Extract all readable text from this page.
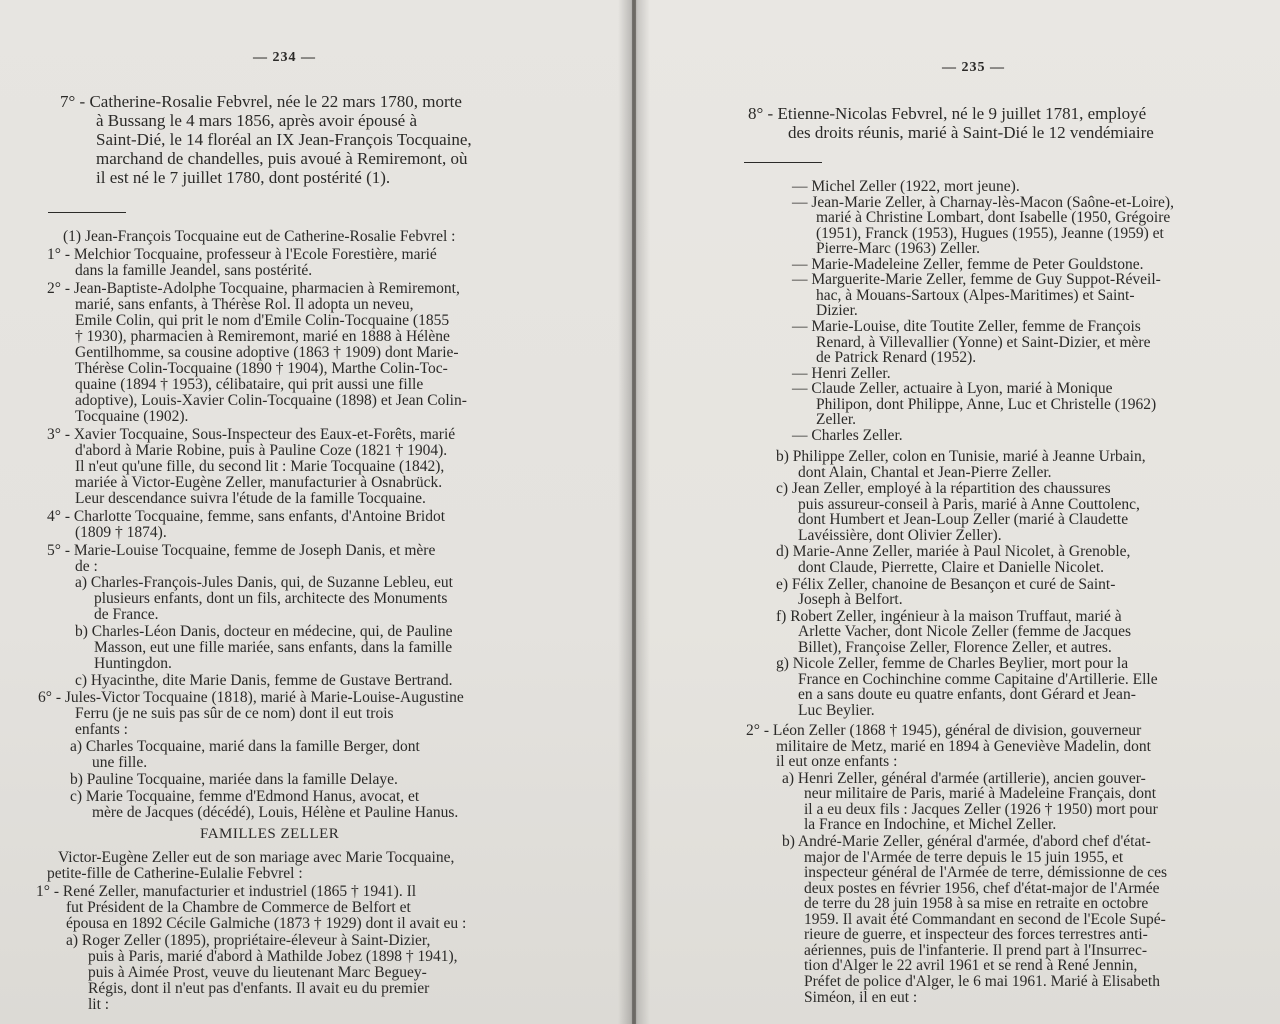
— 234 —
7° - Catherine-Rosalie Febvrel, née le 22 mars 1780, morte
à Bussang le 4 mars 1856, après avoir épousé à
Saint-Dié, le 14 floréal an IX Jean-François Tocquaine,
marchand de chandelles, puis avoué à Remiremont, où
il est né le 7 juillet 1780, dont postérité (1).
(1) Jean-François Tocquaine eut de Catherine-Rosalie Febvrel :
1° - Melchior Tocquaine, professeur à l'Ecole Forestière, marié
dans la famille Jeandel, sans postérité.
2° - Jean-Baptiste-Adolphe Tocquaine, pharmacien à Remiremont,
marié, sans enfants, à Thérèse Rol. Il adopta un neveu,
Emile Colin, qui prit le nom d'Emile Colin-Tocquaine (1855
† 1930), pharmacien à Remiremont, marié en 1888 à Hélène
Gentilhomme, sa cousine adoptive (1863 † 1909) dont Marie-
Thérèse Colin-Tocquaine (1890 † 1904), Marthe Colin-Toc-
quaine (1894 † 1953), célibataire, qui prit aussi une fille
adoptive), Louis-Xavier Colin-Tocquaine (1898) et Jean Colin-
Tocquaine (1902).
3° - Xavier Tocquaine, Sous-Inspecteur des Eaux-et-Forêts, marié
d'abord à Marie Robine, puis à Pauline Coze (1821 † 1904).
Il n'eut qu'une fille, du second lit : Marie Tocquaine (1842),
mariée à Victor-Eugène Zeller, manufacturier à Osnabrück.
Leur descendance suivra l'étude de la famille Tocquaine.
4° - Charlotte Tocquaine, femme, sans enfants, d'Antoine Bridot
(1809 † 1874).
5° - Marie-Louise Tocquaine, femme de Joseph Danis, et mère
de :
a) Charles-François-Jules Danis, qui, de Suzanne Lebleu, eut
plusieurs enfants, dont un fils, architecte des Monuments
de France.
b) Charles-Léon Danis, docteur en médecine, qui, de Pauline
Masson, eut une fille mariée, sans enfants, dans la famille
Huntingdon.
c) Hyacinthe, dite Marie Danis, femme de Gustave Bertrand.
6° - Jules-Victor Tocquaine (1818), marié à Marie-Louise-Augustine
Ferru (je ne suis pas sûr de ce nom) dont il eut trois
enfants :
a) Charles Tocquaine, marié dans la famille Berger, dont
une fille.
b) Pauline Tocquaine, mariée dans la famille Delaye.
c) Marie Tocquaine, femme d'Edmond Hanus, avocat, et
mère de Jacques (décédé), Louis, Hélène et Pauline Hanus.
FAMILLES ZELLER
Victor-Eugène Zeller eut de son mariage avec Marie Tocquaine,
petite-fille de Catherine-Eulalie Febvrel :
1° - René Zeller, manufacturier et industriel (1865 † 1941). Il
fut Président de la Chambre de Commerce de Belfort et
épousa en 1892 Cécile Galmiche (1873 † 1929) dont il avait eu :
a) Roger Zeller (1895), propriétaire-éleveur à Saint-Dizier,
puis à Paris, marié d'abord à Mathilde Jobez (1898 † 1941),
puis à Aimée Prost, veuve du lieutenant Marc Beguey-
Régis, dont il n'eut pas d'enfants. Il avait eu du premier
lit :
— 235 —
8° - Etienne-Nicolas Febvrel, né le 9 juillet 1781, employé
des droits réunis, marié à Saint-Dié le 12 vendémiaire
— Michel Zeller (1922, mort jeune).
— Jean-Marie Zeller, à Charnay-lès-Macon (Saône-et-Loire),
marié à Christine Lombart, dont Isabelle (1950, Grégoire
(1951), Franck (1953), Hugues (1955), Jeanne (1959) et
Pierre-Marc (1963) Zeller.
— Marie-Madeleine Zeller, femme de Peter Gouldstone.
— Marguerite-Marie Zeller, femme de Guy Suppot-Réveil-
hac, à Mouans-Sartoux (Alpes-Maritimes) et Saint-
Dizier.
— Marie-Louise, dite Toutite Zeller, femme de François
Renard, à Villevallier (Yonne) et Saint-Dizier, et mère
de Patrick Renard (1952).
— Henri Zeller.
— Claude Zeller, actuaire à Lyon, marié à Monique
Philipon, dont Philippe, Anne, Luc et Christelle (1962)
Zeller.
— Charles Zeller.
b) Philippe Zeller, colon en Tunisie, marié à Jeanne Urbain,
dont Alain, Chantal et Jean-Pierre Zeller.
c) Jean Zeller, employé à la répartition des chaussures
puis assureur-conseil à Paris, marié à Anne Couttolenc,
dont Humbert et Jean-Loup Zeller (marié à Claudette
Lavéissière, dont Olivier Zeller).
d) Marie-Anne Zeller, mariée à Paul Nicolet, à Grenoble,
dont Claude, Pierrette, Claire et Danielle Nicolet.
e) Félix Zeller, chanoine de Besançon et curé de Saint-
Joseph à Belfort.
f) Robert Zeller, ingénieur à la maison Truffaut, marié à
Arlette Vacher, dont Nicole Zeller (femme de Jacques
Billet), Françoise Zeller, Florence Zeller, et autres.
g) Nicole Zeller, femme de Charles Beylier, mort pour la
France en Cochinchine comme Capitaine d'Artillerie. Elle
en a sans doute eu quatre enfants, dont Gérard et Jean-
Luc Beylier.
2° - Léon Zeller (1868 † 1945), général de division, gouverneur
militaire de Metz, marié en 1894 à Geneviève Madelin, dont
il eut onze enfants :
a) Henri Zeller, général d'armée (artillerie), ancien gouver-
neur militaire de Paris, marié à Madeleine Français, dont
il a eu deux fils : Jacques Zeller (1926 † 1950) mort pour
la France en Indochine, et Michel Zeller.
b) André-Marie Zeller, général d'armée, d'abord chef d'état-
major de l'Armée de terre depuis le 15 juin 1955, et
inspecteur général de l'Armée de terre, démissionne de ces
deux postes en février 1956, chef d'état-major de l'Armée
de terre du 28 juin 1958 à sa mise en retraite en octobre
1959. Il avait été Commandant en second de l'Ecole Supé-
rieure de guerre, et inspecteur des forces terrestres anti-
aériennes, puis de l'infanterie. Il prend part à l'Insurrec-
tion d'Alger le 22 avril 1961 et se rend à René Jennin,
Préfet de police d'Alger, le 6 mai 1961. Marié à Elisabeth
Siméon, il en eut :
